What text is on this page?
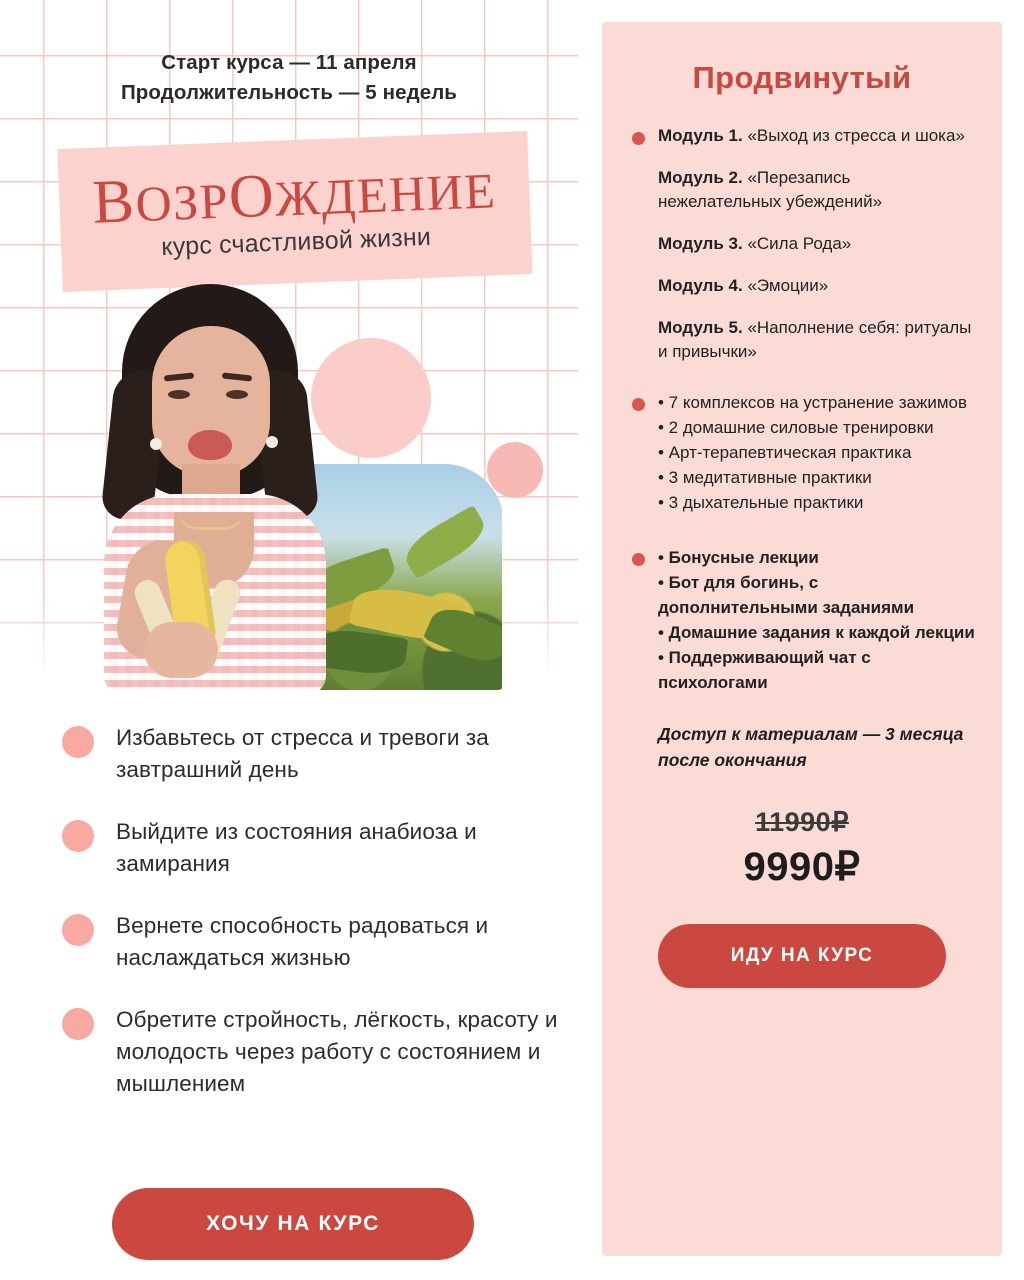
Старт курса — 11 апреля
Продолжительность — 5 недель
ВОЗРОЖДЕНИЕ
курс счастливой жизни
Избавьтесь от стресса и тревоги за завтрашний день
Выйдите из состояния анабиоза и замирания
Вернете способность радоваться и наслаждаться жизнью
Обретите стройность, лёгкость, красоту и молодость через работу с состоянием и мышлением
ХОЧУ НА КУРС
Продвинутый
Модуль 1. «Выход из стресса и шока»
Модуль 2. «Перезапись нежелательных убеждений»
Модуль 3. «Сила Рода»
Модуль 4. «Эмоции»
Модуль 5. «Наполнение себя: ритуалы и привычки»
• 7 комплексов на устранение зажимов
• 2 домашние силовые тренировки
• Арт-терапевтическая практика
• 3 медитативные практики
• 3 дыхательные практики
• Бонусные лекции
• Бот для богинь, с дополнительными заданиями
• Домашние задания к каждой лекции
• Поддерживающий чат с психологами
Доступ к материалам — 3 месяца после окончания
11990₽
9990₽
ИДУ НА КУРС
